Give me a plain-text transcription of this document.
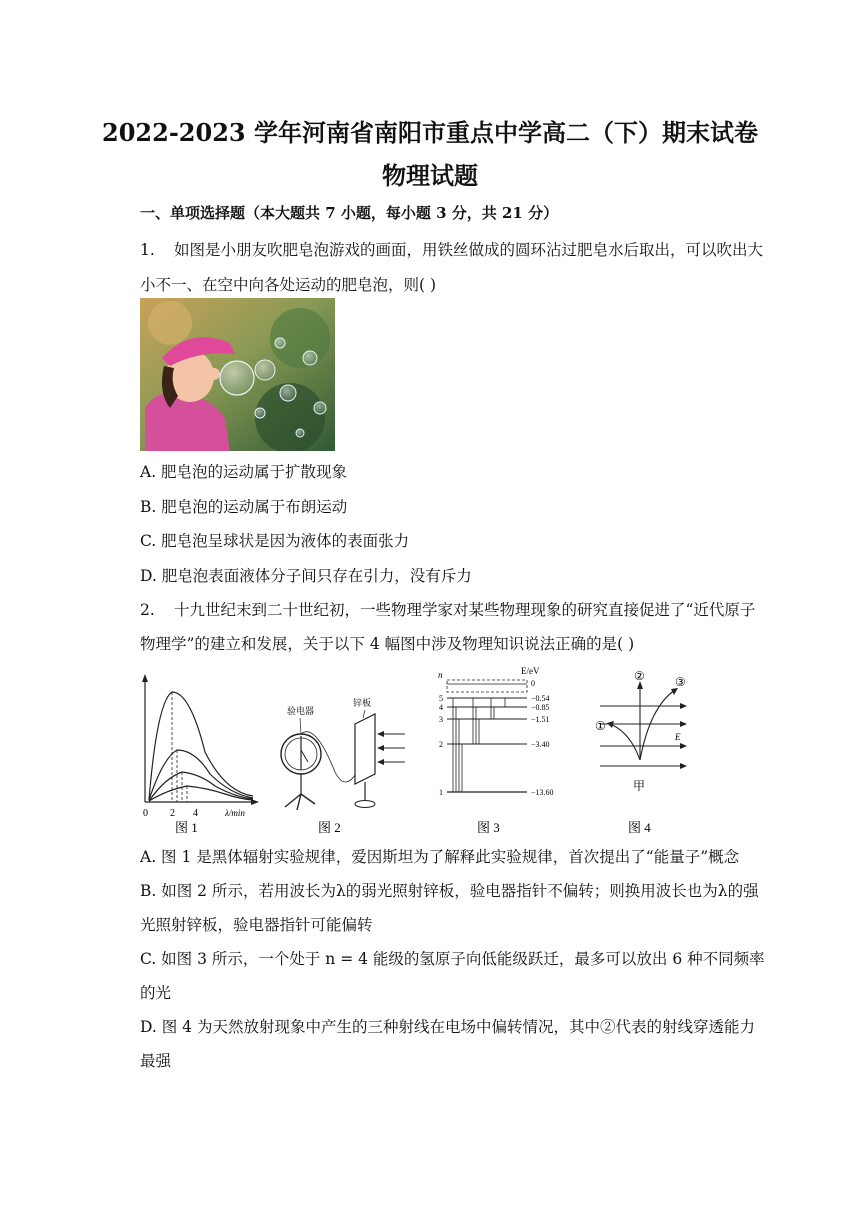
2022-2023 学年河南省南阳市重点中学高二（下）期末试卷
物理试题
一、单项选择题（本大题共 7 小题，每小题 3 分，共 21 分）
1. 如图是小朋友吹肥皂泡游戏的画面，用铁丝做成的圆环沾过肥皂水后取出，可以吹出大
小不一、在空中向各处运动的肥皂泡，则( )
A. 肥皂泡的运动属于扩散现象
B. 肥皂泡的运动属于布朗运动
C. 肥皂泡呈球状是因为液体的表面张力
D. 肥皂泡表面液体分子间只存在引力，没有斥力
2. 十九世纪末到二十世纪初，一些物理学家对某些物理现象的研究直接促进了“近代原子
物理学”的建立和发展，关于以下 4 幅图中涉及物理知识说法正确的是( )
0 2 4	λ/min
图 1
验电器
锌板
图 2
n	E/eV
5
4
3
2
1
0
−0.54
−0.85
−1.51
−3.40
−13.60
图 3
①
②	③
E
甲
图 4
A. 图 1 是黑体辐射实验规律，爱因斯坦为了解释此实验规律，首次提出了“能量子”概念
B. 如图 2 所示，若用波长为λ的弱光照射锌板，验电器指针不偏转；则换用波长也为λ的强
光照射锌板，验电器指针可能偏转
C. 如图 3 所示，一个处于 n = 4 能级的氢原子向低能级跃迁，最多可以放出 6 种不同频率
的光
D. 图 4 为天然放射现象中产生的三种射线在电场中偏转情况，其中②代表的射线穿透能力
最强
